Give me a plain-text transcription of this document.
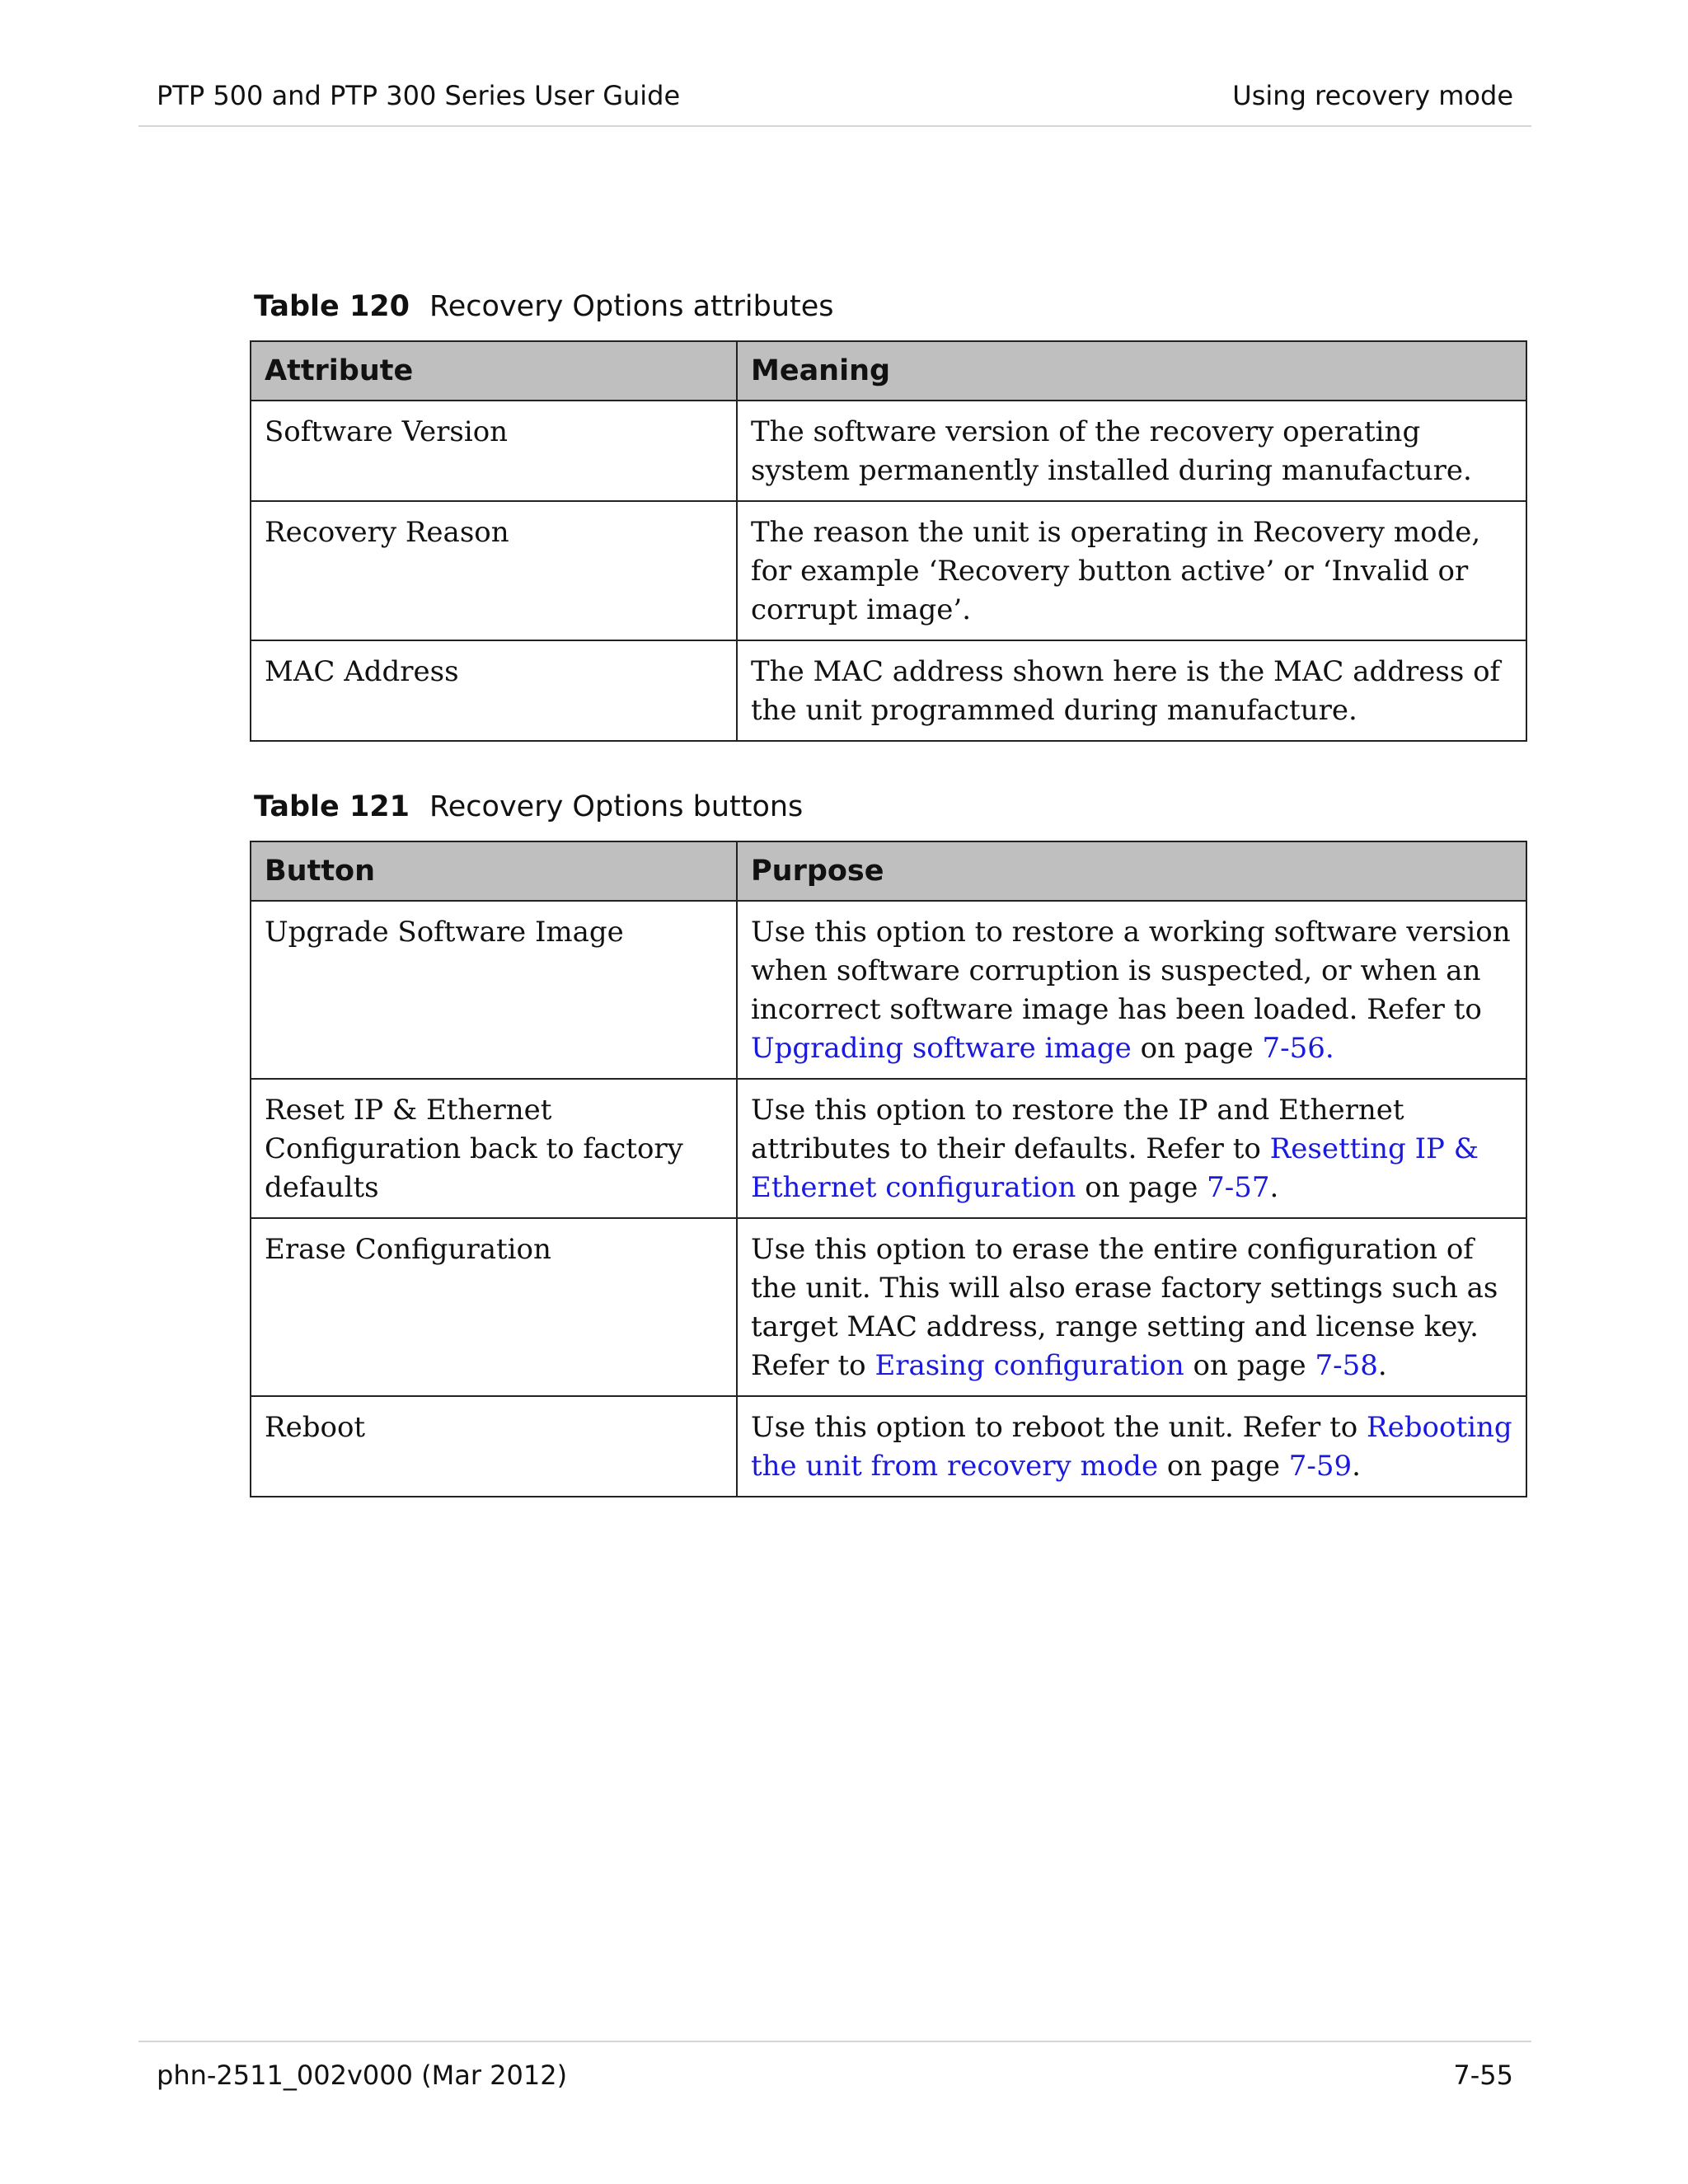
PTP 500 and PTP 300 Series User Guide	Using recovery mode
Table 120 Recovery Options attributes
Attribute	Meaning
Software Version	The software version of the recovery operating system permanently installed during manufacture.
Recovery Reason	The reason the unit is operating in Recovery mode, for example ‘Recovery button active’ or ‘Invalid or corrupt image’.
MAC Address	The MAC address shown here is the MAC address of the unit programmed during manufacture.
Table 121 Recovery Options buttons
Button	Purpose
Upgrade Software Image	Use this option to restore a working software version when software corruption is suspected, or when an incorrect software image has been loaded. Refer to Upgrading software image on page 7-56.
Reset IP & Ethernet Configuration back to factory defaults	Use this option to restore the IP and Ethernet attributes to their defaults. Refer to Resetting IP & Ethernet configuration on page 7-57.
Erase Configuration	Use this option to erase the entire configuration of the unit. This will also erase factory settings such as target MAC address, range setting and license key. Refer to Erasing configuration on page 7-58.
Reboot	Use this option to reboot the unit. Refer to Rebooting the unit from recovery mode on page 7-59.
phn-2511_002v000 (Mar 2012)	7-55
